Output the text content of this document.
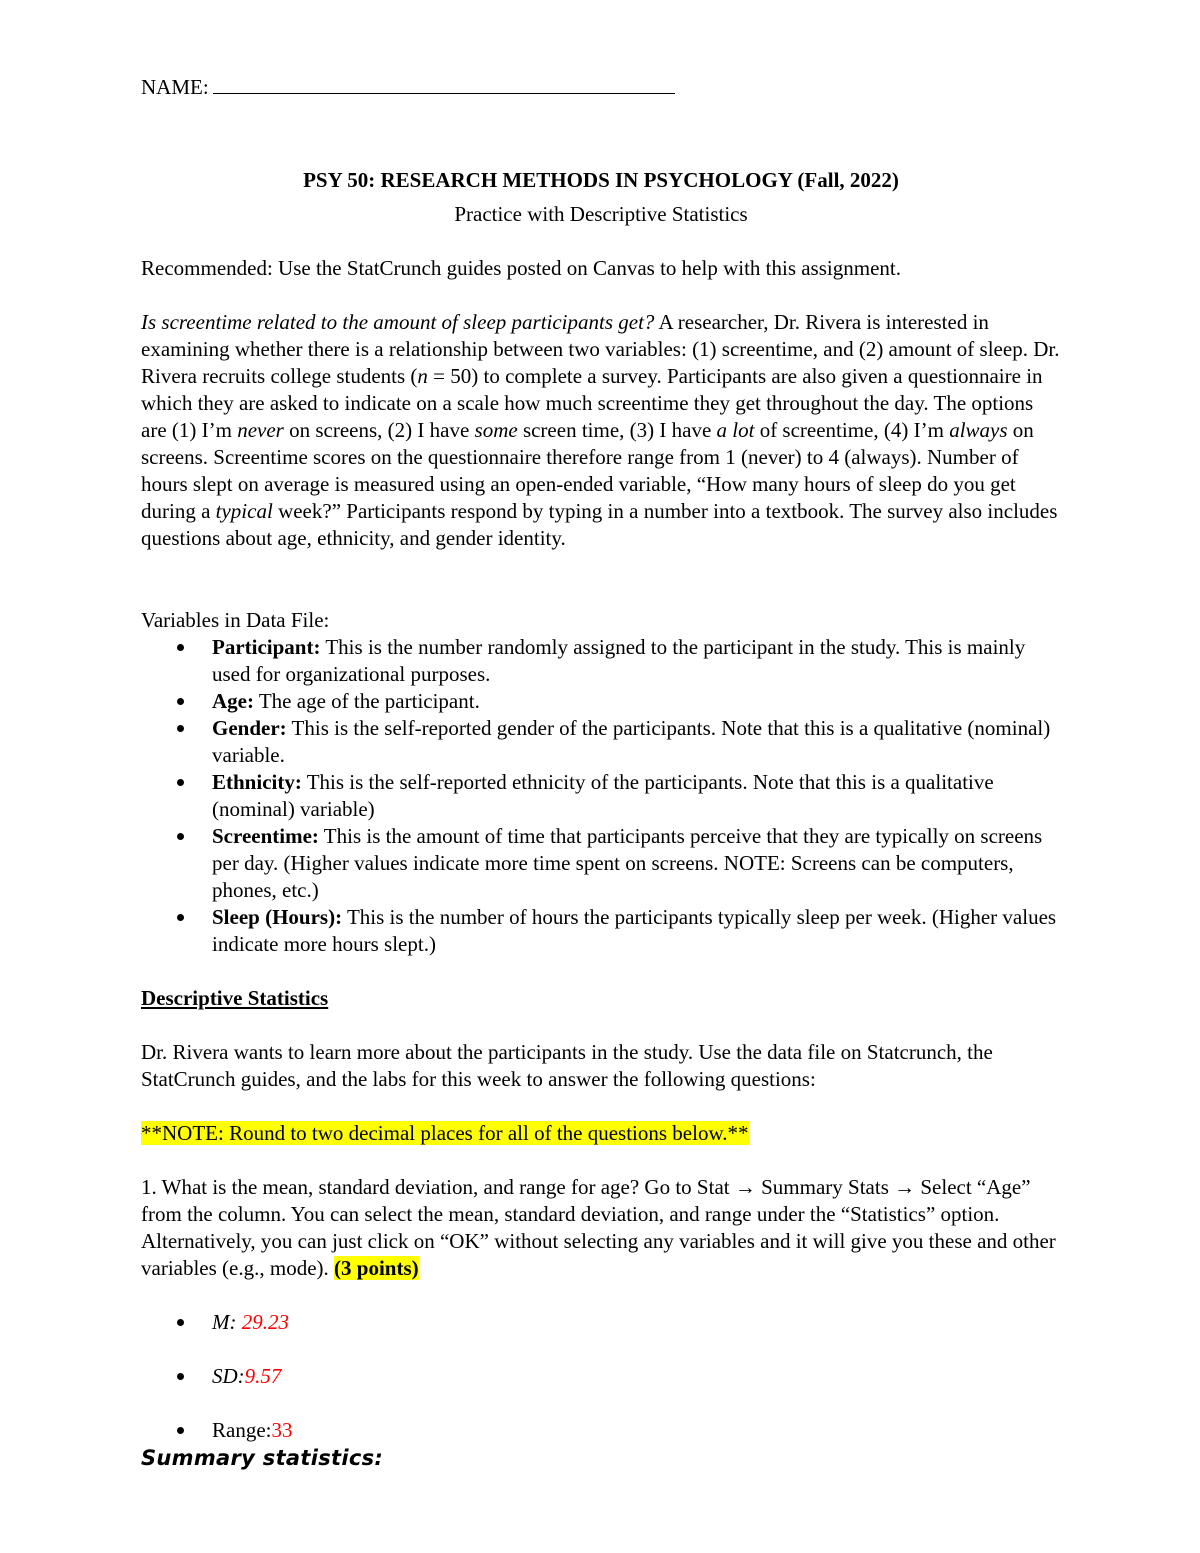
NAME:
PSY 50: RESEARCH METHODS IN PSYCHOLOGY (Fall, 2022)
Practice with Descriptive Statistics

Recommended: Use the StatCrunch guides posted on Canvas to help with this assignment.

Is screentime related to the amount of sleep participants get? A researcher, Dr. Rivera is interested in examining whether there is a relationship between two variables: (1) screentime, and (2) amount of sleep. Dr. Rivera recruits college students (n = 50) to complete a survey. Participants are also given a questionnaire in which they are asked to indicate on a scale how much screentime they get throughout the day. The options are (1) I’m never on screens, (2) I have some screen time, (3) I have a lot of screentime, (4) I’m always on screens. Screentime scores on the questionnaire therefore range from 1 (never) to 4 (always). Number of hours slept on average is measured using an open-ended variable, “How many hours of sleep do you get during a typical week?” Participants respond by typing in a number into a textbook. The survey also includes questions about age, ethnicity, and gender identity.

Variables in Data File:

Participant: This is the number randomly assigned to the participant in the study. This is mainly used for organizational purposes.
Age: The age of the participant.
Gender: This is the self-reported gender of the participants. Note that this is a qualitative (nominal) variable.
Ethnicity: This is the self-reported ethnicity of the participants. Note that this is a qualitative (nominal) variable)
Screentime: This is the amount of time that participants perceive that they are typically on screens per day. (Higher values indicate more time spent on screens. NOTE: Screens can be computers, phones, etc.)
Sleep (Hours): This is the number of hours the participants typically sleep per week. (Higher values indicate more hours slept.)

Descriptive Statistics

Dr. Rivera wants to learn more about the participants in the study. Use the data file on Statcrunch, the StatCrunch guides, and the labs for this week to answer the following questions:

**NOTE: Round to two decimal places for all of the questions below.**

1. What is the mean, standard deviation, and range for age? Go to Stat → Summary Stats → Select “Age” from the column. You can select the mean, standard deviation, and range under the “Statistics” option. Alternatively, you can just click on “OK” without selecting any variables and it will give you these and other variables (e.g., mode). (3 points)

M: 29.23
SD:9.57
Range:33
Summary statistics:
